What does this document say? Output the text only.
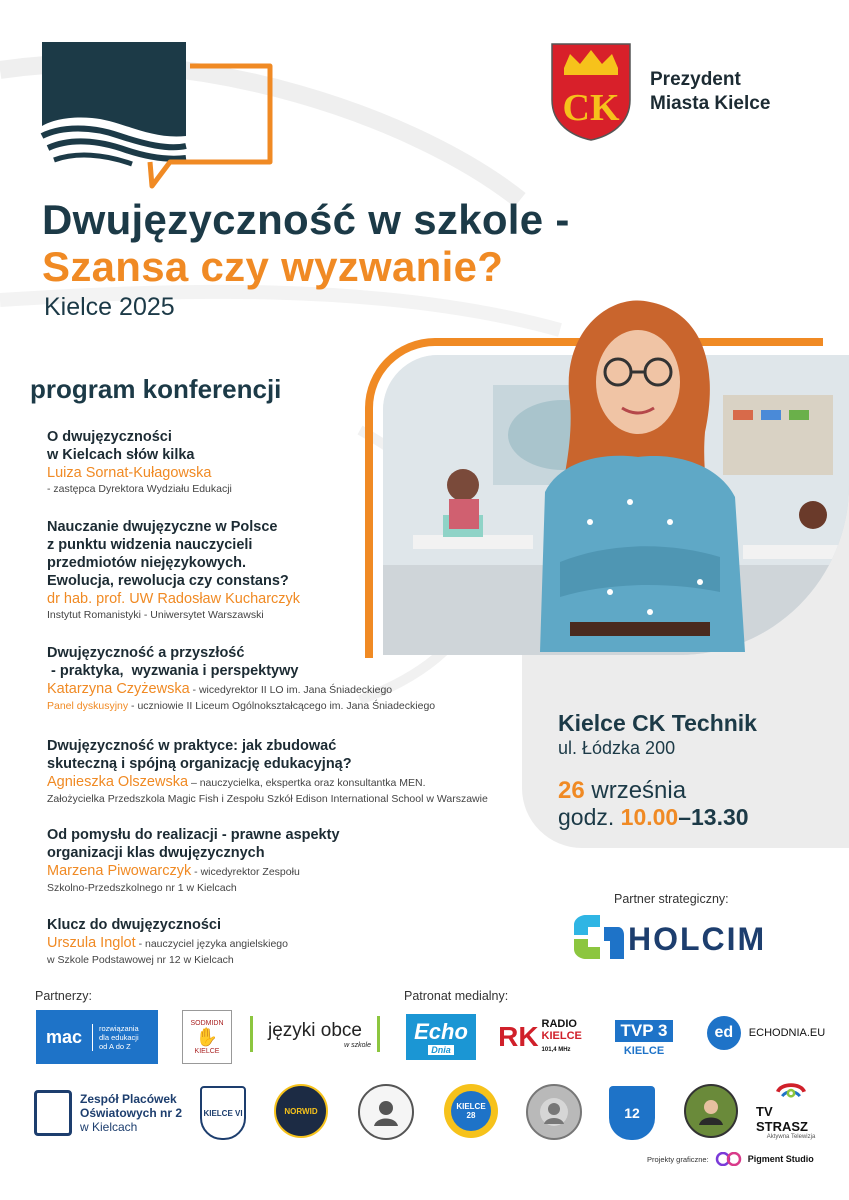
CK
Prezydent
Miasta Kielce
Dwujęzyczność w szkole -
Szansa czy wyzwanie?
Kielce 2025
program konferencji
Kielce CK Technik
ul. Łódzka 200
26 września
godz. 10.00–13.30
O dwujęzyczności
w Kielcach słów kilka
Luiza Sornat-Kułagowska
- zastępca Dyrektora Wydziału Edukacji
Nauczanie dwujęzyczne w Polsce
z punktu widzenia nauczycieli
przedmiotów niejęzykowych.
Ewolucja, rewolucja czy constans?
dr hab. prof. UW Radosław Kucharczyk
Instytut Romanistyki - Uniwersytet Warszawski
Dwujęzyczność a przyszłość
- praktyka,  wyzwania i perspektywy
Katarzyna Czyżewska - wicedyrektor II LO im. Jana Śniadeckiego
Panel dyskusyjny - uczniowie II Liceum Ogólnokształcącego im. Jana Śniadeckiego
Dwujęzyczność w praktyce: jak zbudować
skuteczną i spójną organizację edukacyjną?
Agnieszka Olszewska – nauczycielka, ekspertka oraz konsultantka MEN.
Założycielka Przedszkola Magic Fish i Zespołu Szkół Edison International School w Warszawie
Od pomysłu do realizacji - prawne aspekty
organizacji klas dwujęzycznych
Marzena Piwowarczyk - wicedyrektor Zespołu
Szkolno-Przedszkolnego nr 1 w Kielcach
Klucz do dwujęzyczności
Urszula Inglot - nauczyciel języka angielskiego
w Szkole Podstawowej nr 12 w Kielcach
Partner strategiczny:
HOLCIM
Partnerzy:
mac	rozwiązania dla edukacji od A do Z
SODMIDN
✋
KIELCE
języki obce
w szkole
Patronat medialny:
Echo
Dnia RK RADIO
KIELCE
101,4 MHz
TVP 3
KIELCE
ed	ECHODNIA.EU
Zespół Placówek
Oświatowych nr 2
w Kielcach
KIELCE VI	NORWID	KIELCE 28	12	TV STRASZ
Aktywna Telewizja
Projekty graficzne:	Pigment Studio
